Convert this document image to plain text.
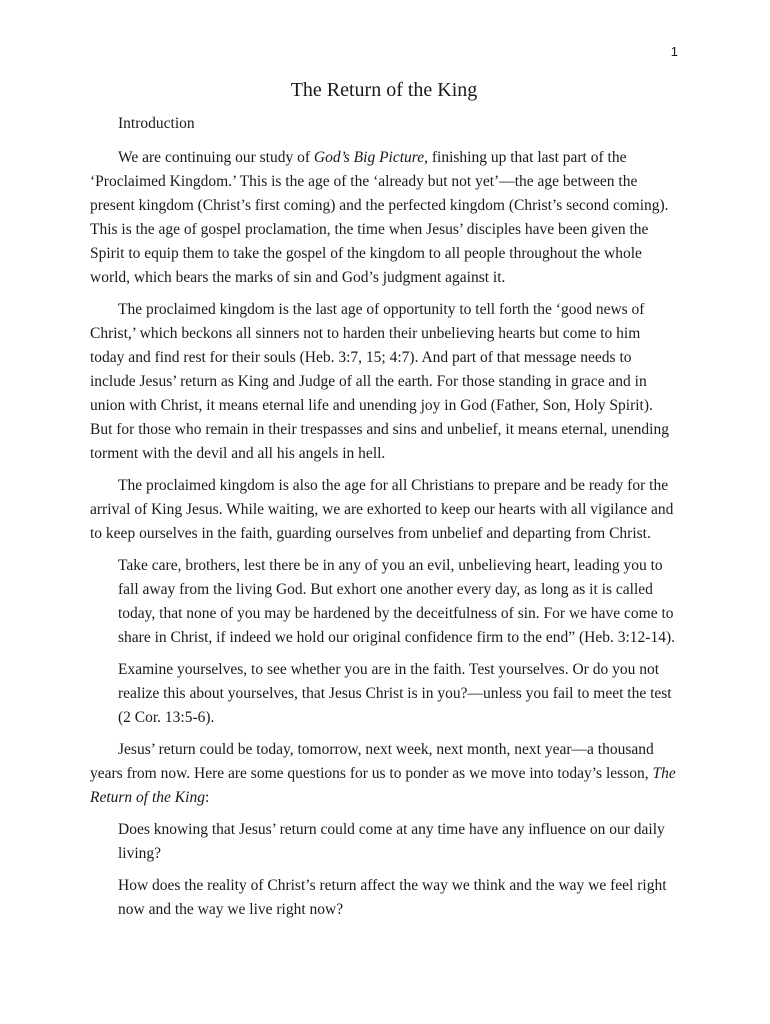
1
The Return of the King

Introduction

We are continuing our study of God’s Big Picture, finishing up that last part of the ‘Proclaimed Kingdom.’ This is the age of the ‘already but not yet’—the age between the present kingdom (Christ’s first coming) and the perfected kingdom (Christ’s second coming). This is the age of gospel proclamation, the time when Jesus’ disciples have been given the Spirit to equip them to take the gospel of the kingdom to all people throughout the whole world, which bears the marks of sin and God’s judgment against it.

The proclaimed kingdom is the last age of opportunity to tell forth the ‘good news of Christ,’ which beckons all sinners not to harden their unbelieving hearts but come to him today and find rest for their souls (Heb. 3:7, 15; 4:7). And part of that message needs to include Jesus’ return as King and Judge of all the earth. For those standing in grace and in union with Christ, it means eternal life and unending joy in God (Father, Son, Holy Spirit). But for those who remain in their trespasses and sins and unbelief, it means eternal, unending torment with the devil and all his angels in hell.

The proclaimed kingdom is also the age for all Christians to prepare and be ready for the arrival of King Jesus. While waiting, we are exhorted to keep our hearts with all vigilance and to keep ourselves in the faith, guarding ourselves from unbelief and departing from Christ.

Take care, brothers, lest there be in any of you an evil, unbelieving heart, leading you to fall away from the living God. But exhort one another every day, as long as it is called today, that none of you may be hardened by the deceitfulness of sin. For we have come to share in Christ, if indeed we hold our original confidence firm to the end” (Heb. 3:12-14).

Examine yourselves, to see whether you are in the faith. Test yourselves. Or do you not realize this about yourselves, that Jesus Christ is in you?—unless you fail to meet the test (2 Cor. 13:5-6).

Jesus’ return could be today, tomorrow, next week, next month, next year—a thousand years from now. Here are some questions for us to ponder as we move into today’s lesson, The Return of the King:

Does knowing that Jesus’ return could come at any time have any influence on our daily living?

How does the reality of Christ’s return affect the way we think and the way we feel right now and the way we live right now?
